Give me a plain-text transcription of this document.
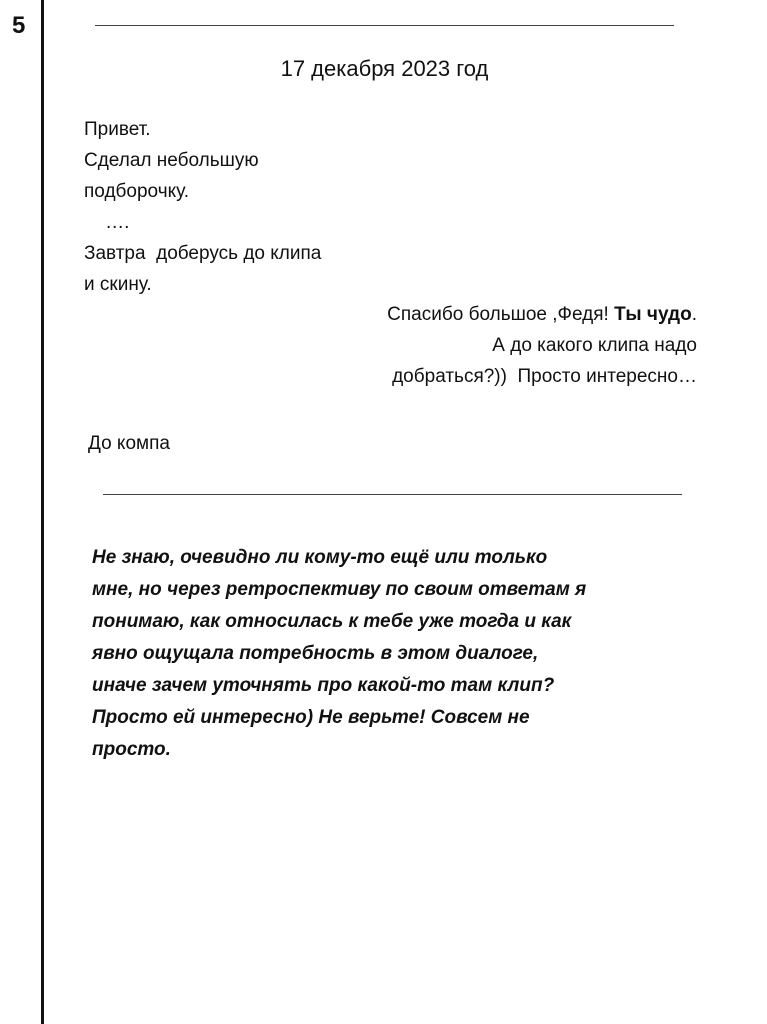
5
17 декабря 2023 год
Привет.
Сделал небольшую
подборочку.
….
Завтра  доберусь до клипа
и скину.
Спасибо большое ,Федя! Ты чудо.
А до какого клипа надо
добраться?))  Просто интересно…
До компа
Не знаю, очевидно ли кому-то ещё или только
мне, но через ретроспективу по своим ответам я
понимаю, как относилась к тебе уже тогда и как
явно ощущала потребность в этом диалоге,
иначе зачем уточнять про какой-то там клип?
Просто ей интересно) Не верьте! Совсем не
просто.
